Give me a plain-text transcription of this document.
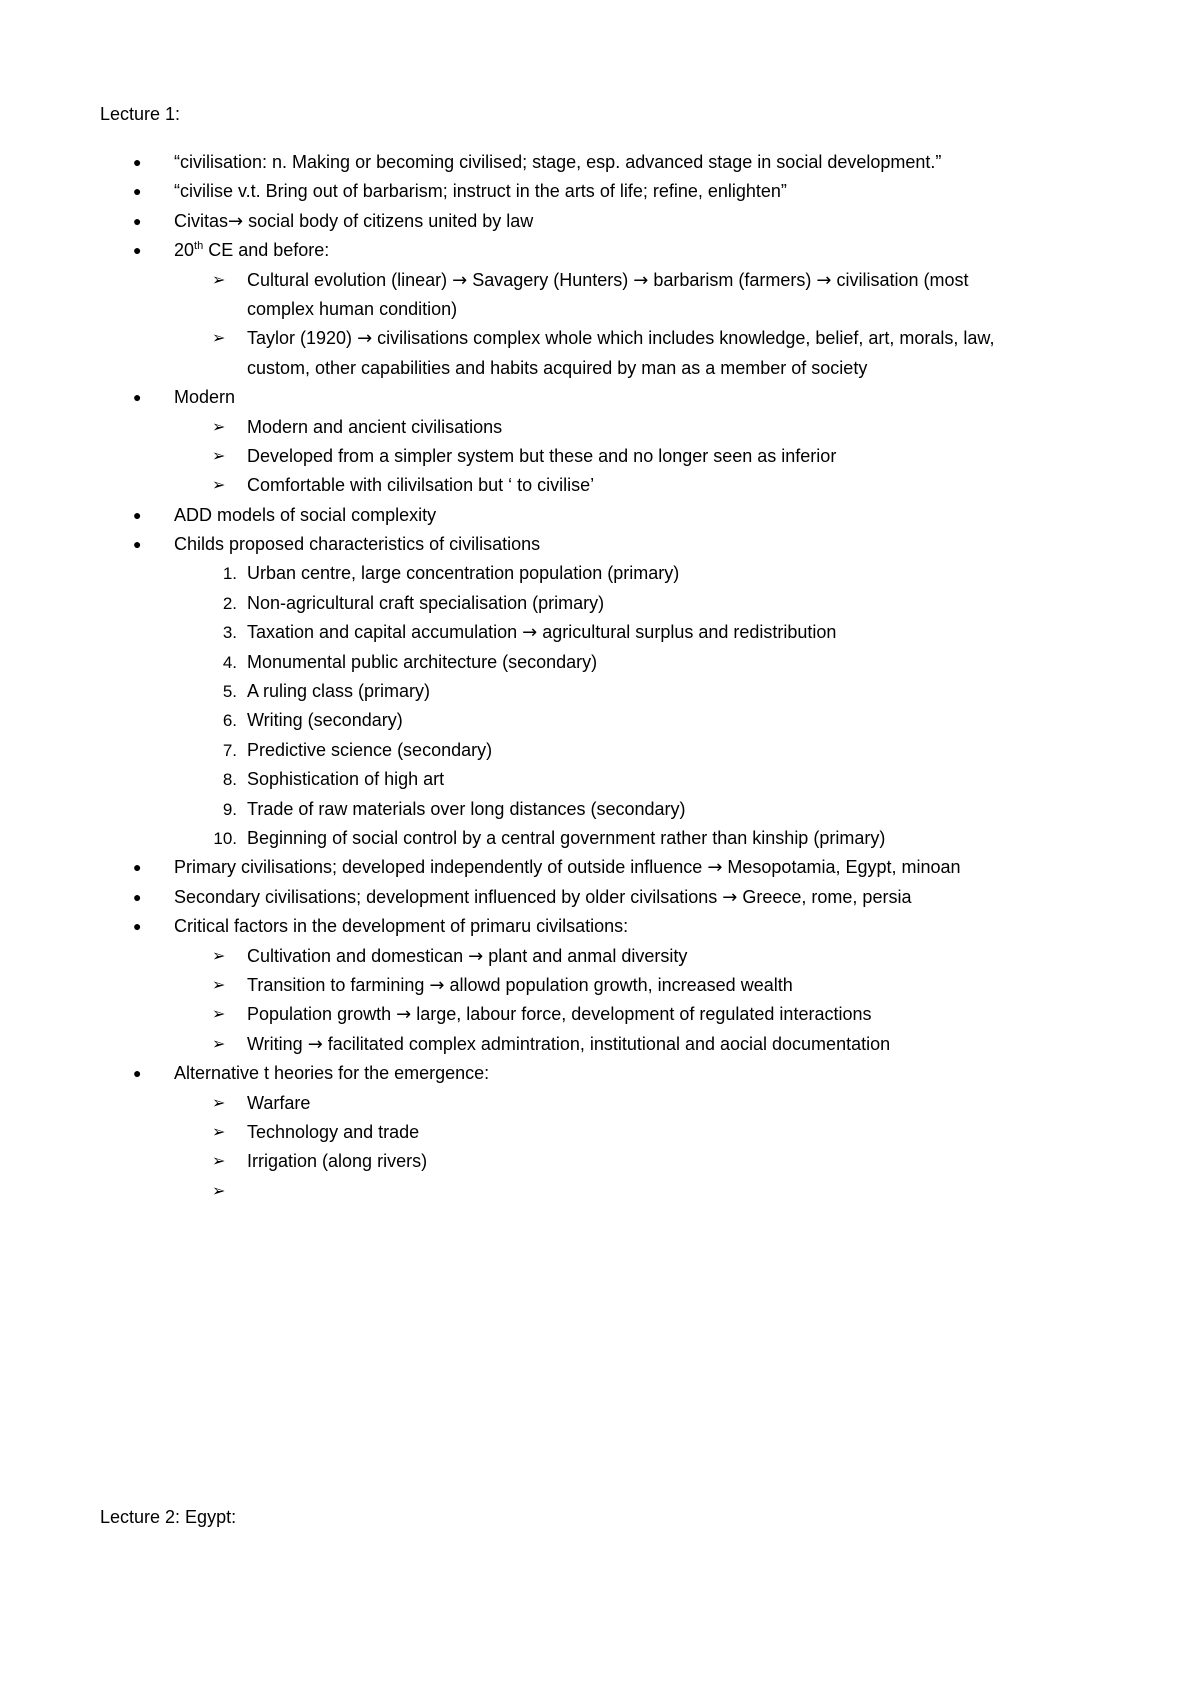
Lecture 1:
● “civilisation: n. Making or becoming civilised; stage, esp. advanced stage in social development.”
● “civilise v.t. Bring out of barbarism; instruct in the arts of life; refine, enlighten”
● Civitas→ social body of citizens united by law
● 20th CE and before:
➢ Cultural evolution (linear) → Savagery (Hunters) → barbarism (farmers) → civilisation (most
complex human condition)
➢ Taylor (1920) → civilisations complex whole which includes knowledge, belief, art, morals, law,
custom, other capabilities and habits acquired by man as a member of society
● Modern
➢ Modern and ancient civilisations
➢ Developed from a simpler system but these and no longer seen as inferior
➢ Comfortable with cilivilsation but ‘ to civilise’
● ADD models of social complexity
● Childs proposed characteristics of civilisations
1. Urban centre, large concentration population (primary)
2. Non-agricultural craft specialisation (primary)
3. Taxation and capital accumulation → agricultural surplus and redistribution
4. Monumental public architecture (secondary)
5. A ruling class (primary)
6. Writing (secondary)
7. Predictive science (secondary)
8. Sophistication of high art
9. Trade of raw materials over long distances (secondary)
10. Beginning of social control by a central government rather than kinship (primary)
● Primary civilisations; developed independently of outside influence → Mesopotamia, Egypt, minoan
● Secondary civilisations; development influenced by older civilsations → Greece, rome, persia
● Critical factors in the development of primaru civilsations:
➢ Cultivation and domestican → plant and anmal diversity
➢ Transition to farmining → allowd population growth, increased wealth
➢ Population growth → large, labour force, development of regulated interactions
➢ Writing → facilitated complex admintration, institutional and aocial documentation
● Alternative t heories for the emergence:
➢ Warfare
➢ Technology and trade
➢ Irrigation (along rivers)
➢
Lecture 2: Egypt:
